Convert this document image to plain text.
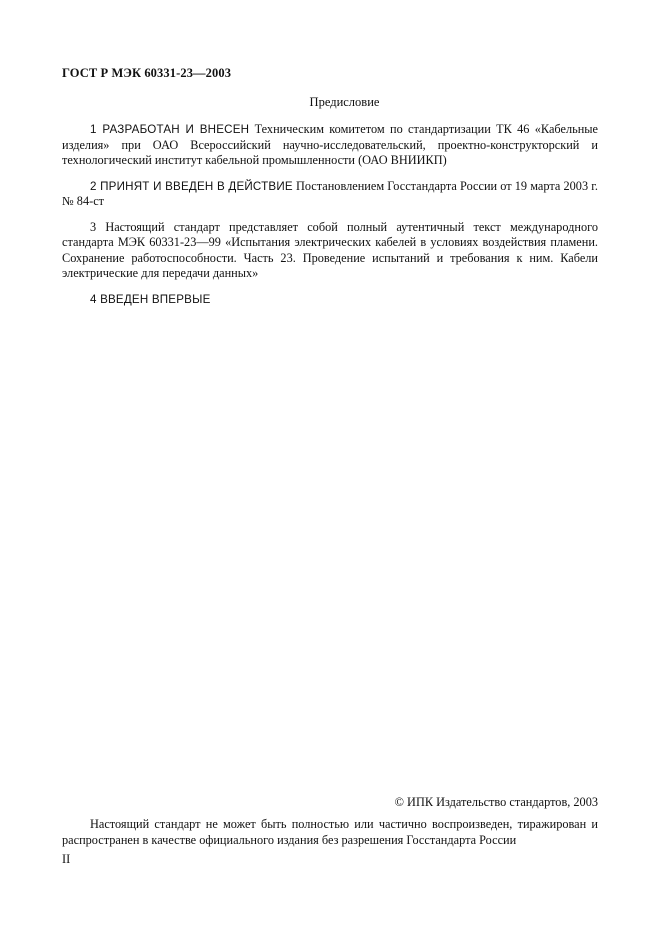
ГОСТ Р МЭК 60331-23—2003
Предисловие

1 РАЗРАБОТАН И ВНЕСЕН Техническим комитетом по стандартизации ТК 46 «Кабельные изделия» при ОАО Всероссийский научно-исследовательский, проектно-конструкторский и технологический институт кабельной промышленности (ОАО ВНИИКП)

2 ПРИНЯТ И ВВЕДЕН В ДЕЙСТВИЕ Постановлением Госстандарта России от 19 марта 2003 г. № 84-ст

3 Настоящий стандарт представляет собой полный аутентичный текст международного стандарта МЭК 60331-23—99 «Испытания электрических кабелей в условиях воздействия пламени. Сохранение работоспособности. Часть 23. Проведение испытаний и требования к ним. Кабели электрические для передачи данных»

4 ВВЕДЕН ВПЕРВЫЕ

© ИПК Издательство стандартов, 2003
Настоящий стандарт не может быть полностью или частично воспроизведен, тиражирован и распространен в качестве официального издания без разрешения Госстандарта России
II
